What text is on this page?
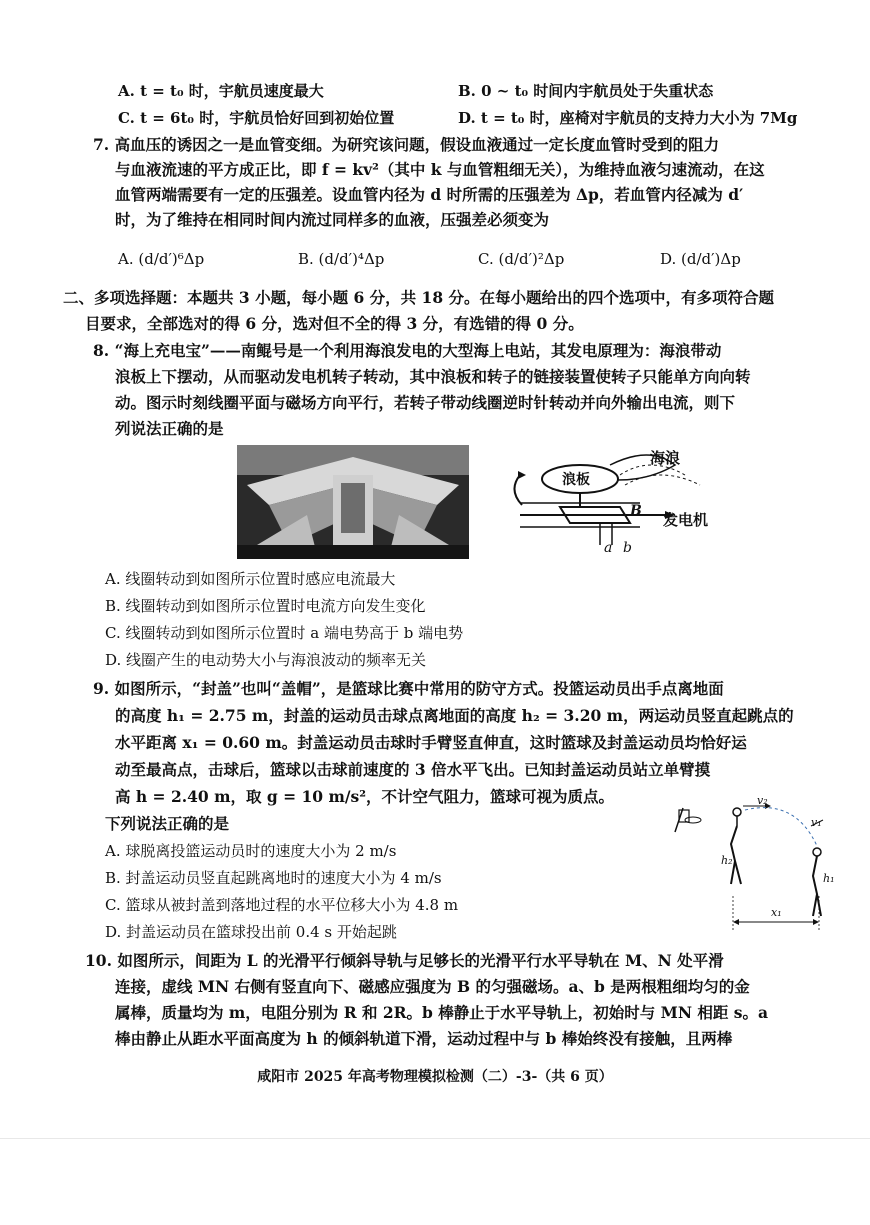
A. t = t₀ 时，宇航员速度最大	B. 0 ~ t₀ 时间内宇航员处于失重状态
C. t = 6t₀ 时，宇航员恰好回到初始位置	D. t = t₀ 时，座椅对宇航员的支持力大小为 7Mg
7. 高血压的诱因之一是血管变细。为研究该问题，假设血液通过一定长度血管时受到的阻力
与血液流速的平方成正比，即 f = kv²（其中 k 与血管粗细无关），为维持血液匀速流动，在这
血管两端需要有一定的压强差。设血管内径为 d 时所需的压强差为 Δp，若血管内径减为 d′
时，为了维持在相同时间内流过同样多的血液，压强差必须变为
A. (d/d′)⁶Δp	B. (d/d′)⁴Δp	C. (d/d′)²Δp	D. (d/d′)Δp
二、多项选择题：本题共 3 小题，每小题 6 分，共 18 分。在每小题给出的四个选项中，有多项符合题
目要求，全部选对的得 6 分，选对但不全的得 3 分，有选错的得 0 分。
8. “海上充电宝”——南鲲号是一个利用海浪发电的大型海上电站，其发电原理为：海浪带动
浪板上下摆动，从而驱动发电机转子转动，其中浪板和转子的链接装置使转子只能单方向向转
动。图示时刻线圈平面与磁场方向平行，若转子带动线圈逆时针转动并向外输出电流，则下
列说法正确的是
海浪
浪板
B 发电机
a b
A. 线圈转动到如图所示位置时感应电流最大
B. 线圈转动到如图所示位置时电流方向发生变化
C. 线圈转动到如图所示位置时 a 端电势高于 b 端电势
D. 线圈产生的电动势大小与海浪波动的频率无关
9. 如图所示，“封盖”也叫“盖帽”，是篮球比赛中常用的防守方式。投篮运动员出手点离地面
的高度 h₁ = 2.75 m，封盖的运动员击球点离地面的高度 h₂ = 3.20 m，两运动员竖直起跳点的
水平距离 x₁ = 0.60 m。封盖运动员击球时手臂竖直伸直，这时篮球及封盖运动员均恰好运
动至最高点，击球后，篮球以击球前速度的 3 倍水平飞出。已知封盖运动员站立单臂摸
高 h = 2.40 m，取 g = 10 m/s²，不计空气阻力，篮球可视为质点。
下列说法正确的是
v₂
v₁
h₂
h₁
x₁
A. 球脱离投篮运动员时的速度大小为 2 m/s
B. 封盖运动员竖直起跳离地时的速度大小为 4 m/s
C. 篮球从被封盖到落地过程的水平位移大小为 4.8 m
D. 封盖运动员在篮球投出前 0.4 s 开始起跳
10. 如图所示，间距为 L 的光滑平行倾斜导轨与足够长的光滑平行水平导轨在 M、N 处平滑
连接，虚线 MN 右侧有竖直向下、磁感应强度为 B 的匀强磁场。a、b 是两根粗细均匀的金
属棒，质量均为 m，电阻分别为 R 和 2R。b 棒静止于水平导轨上，初始时与 MN 相距 s。a
棒由静止从距水平面高度为 h 的倾斜轨道下滑，运动过程中与 b 棒始终没有接触，且两棒
咸阳市 2025 年高考物理模拟检测（二）-3-（共 6 页）
